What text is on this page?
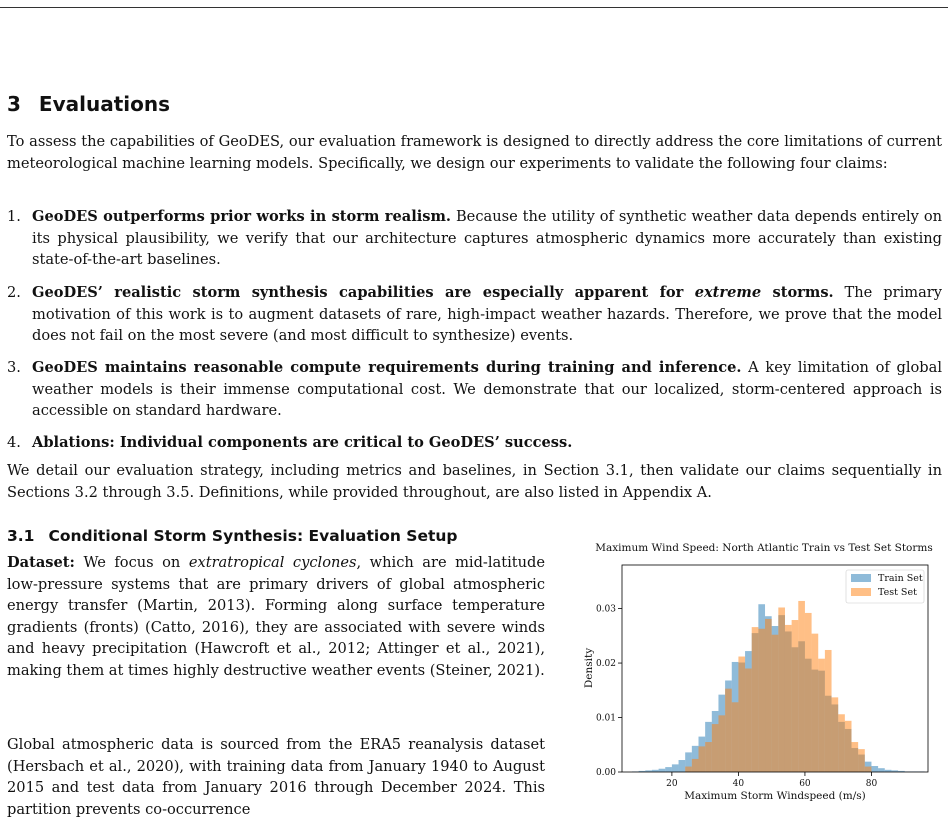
3 Evaluations
To assess the capabilities of GeoDES, our evaluation framework is designed to directly address the core limitations of current meteorological machine learning models. Specifically, we design our experiments to validate the following four claims:
1. GeoDES outperforms prior works in storm realism. Because the utility of synthetic weather data depends entirely on its physical plausibility, we verify that our architecture captures atmospheric dynamics more accurately than existing state-of-the-art baselines.
2. GeoDES’ realistic storm synthesis capabilities are especially apparent for extreme storms. The primary motivation of this work is to augment datasets of rare, high-impact weather hazards. Therefore, we prove that the model does not fail on the most severe (and most difficult to synthesize) events.
3. GeoDES maintains reasonable compute requirements during training and inference. A key limitation of global weather models is their immense computational cost. We demonstrate that our localized, storm-centered approach is accessible on standard hardware.
4. Ablations: Individual components are critical to GeoDES’ success.
We detail our evaluation strategy, including metrics and baselines, in Section 3.1, then validate our claims sequentially in Sections 3.2 through 3.5. Definitions, while provided throughout, are also listed in Appendix A.
3.1 Conditional Storm Synthesis: Evaluation Setup
Dataset: We focus on extratropical cyclones, which are mid-latitude low-pressure systems that are primary drivers of global atmospheric energy transfer (Martin, 2013). Forming along surface temperature gradients (fronts) (Catto, 2016), they are associated with severe winds and heavy precipitation (Hawcroft et al., 2012; Attinger et al., 2021), making them at times highly destructive weather events (Steiner, 2021).
Global atmospheric data is sourced from the ERA5 reanalysis dataset (Hersbach et al., 2020), with training data from January 1940 to August 2015 and test data from January 2016 through December 2024. This partition prevents co-occurrence
Maximum Wind Speed: North Atlantic Train vs Test Set Storms
20	40	60	80
0.00
0.01
0.02
0.03
Maximum Storm Windspeed (m/s)
Density
Train Set
Test Set
